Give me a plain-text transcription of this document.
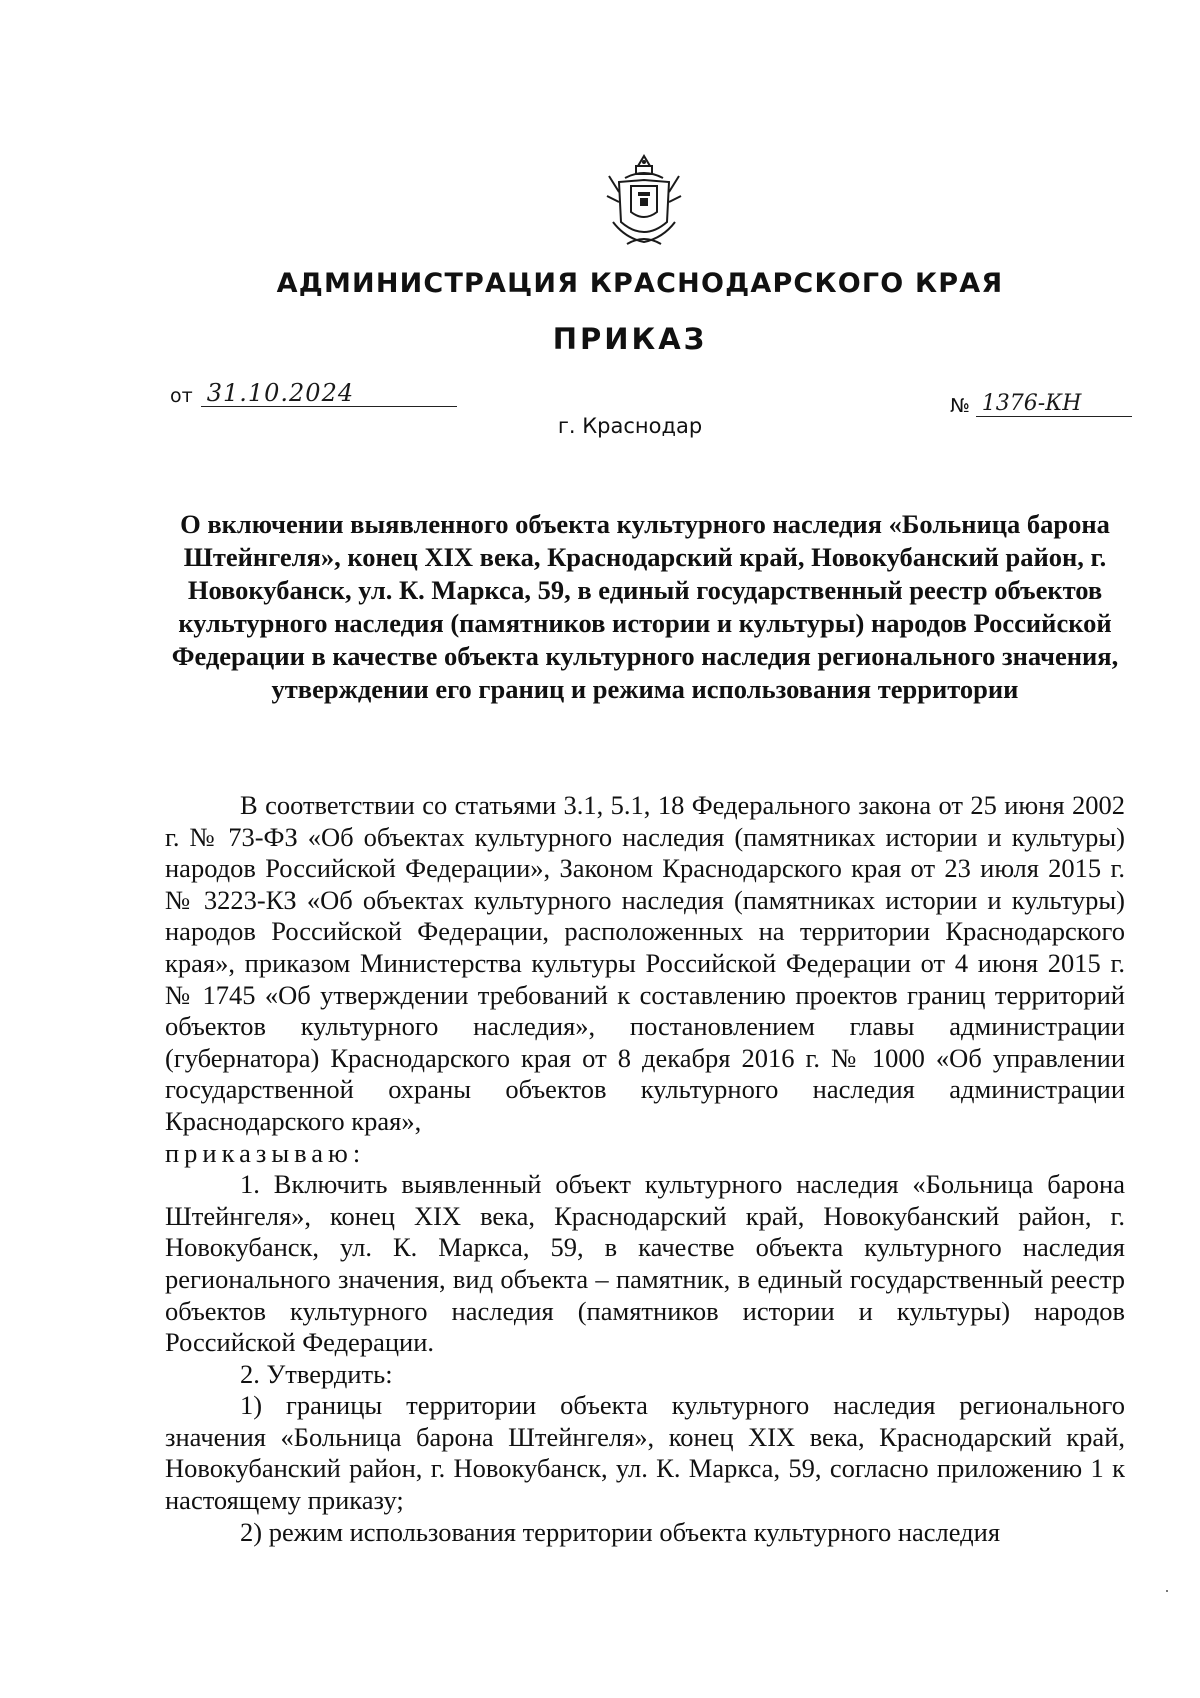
АДМИНИСТРАЦИЯ КРАСНОДАРСКОГО КРАЯ
ПРИКАЗ
от 31.10.2024	№ 1376-КН
г. Краснодар
О включении выявленного объекта культурного наследия «Больница барона Штейнгеля», конец XIX века, Краснодарский край, Новокубанский район, г. Новокубанск, ул. К. Маркса, 59, в единый государственный реестр объектов культурного наследия (памятников истории и культуры) народов Российской Федерации в качестве объекта культурного наследия регионального значения, утверждении его границ и режима использования территории

В соответствии со статьями 3.1, 5.1, 18 Федерального закона от 25 июня 2002 г. № 73-ФЗ «Об объектах культурного наследия (памятниках истории и культуры) народов Российской Федерации», Законом Краснодарского края от 23 июля 2015 г. № 3223-КЗ «Об объектах культурного наследия (памятниках истории и культуры) народов Российской Федерации, расположенных на территории Краснодарского края», приказом Министерства культуры Российской Федерации от 4 июня 2015 г. № 1745 «Об утверждении требований к составлению проектов границ территорий объектов культурного наследия», постановлением главы администрации (губернатора) Краснодарского края от 8 декабря 2016 г. № 1000 «Об управлении государственной охраны объектов культурного наследия администрации Краснодарского края»,

приказываю:

1. Включить выявленный объект культурного наследия «Больница барона Штейнгеля», конец XIX века, Краснодарский край, Новокубанский район, г. Новокубанск, ул. К. Маркса, 59, в качестве объекта культурного наследия регионального значения, вид объекта – памятник, в единый государственный реестр объектов культурного наследия (памятников истории и культуры) народов Российской Федерации.

2. Утвердить:

1) границы территории объекта культурного наследия регионального значения «Больница барона Штейнгеля», конец XIX века, Краснодарский край, Новокубанский район, г. Новокубанск, ул. К. Маркса, 59, согласно приложению 1 к настоящему приказу;

2) режим использования территории объекта культурного наследия
